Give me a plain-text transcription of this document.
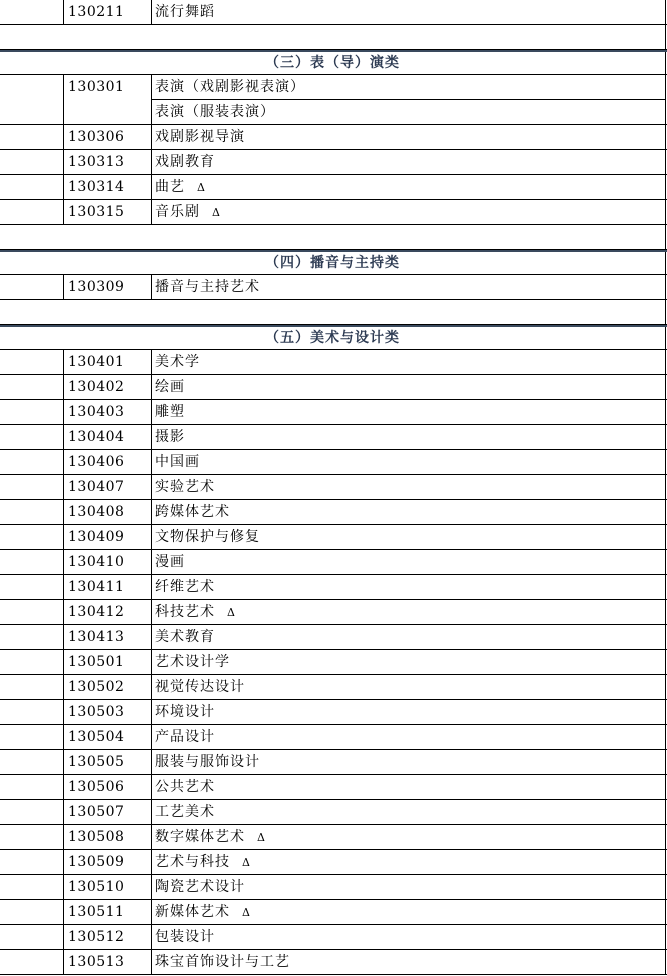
130211	流行舞蹈
（三）表（导）演类
130301	表演（戏剧影视表演）
表演（服装表演）
130306	戏剧影视导演
130313	戏剧教育
130314	曲艺 Δ
130315	音乐剧 Δ
（四）播音与主持类
130309	播音与主持艺术
（五）美术与设计类
130401	美术学
130402	绘画
130403	雕塑
130404	摄影
130406	中国画
130407	实验艺术
130408	跨媒体艺术
130409	文物保护与修复
130410	漫画
130411	纤维艺术
130412	科技艺术 Δ
130413	美术教育
130501	艺术设计学
130502	视觉传达设计
130503	环境设计
130504	产品设计
130505	服装与服饰设计
130506	公共艺术
130507	工艺美术
130508	数字媒体艺术 Δ
130509	艺术与科技 Δ
130510	陶瓷艺术设计
130511	新媒体艺术 Δ
130512	包装设计
130513	珠宝首饰设计与工艺
